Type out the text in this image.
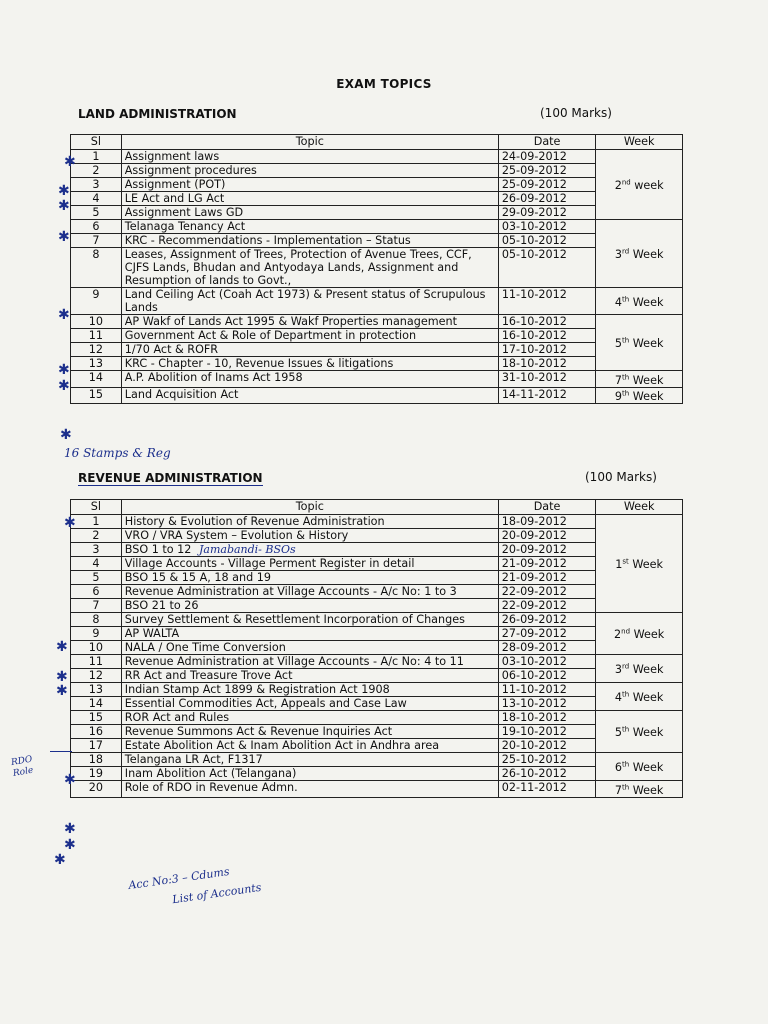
EXAM TOPICS
LAND ADMINISTRATION	(100 Marks)
Sl	Topic	Date	Week
1	Assignment laws	24-09-2012	2nd week
2	Assignment procedures	25-09-2012	
3	Assignment (POT)	25-09-2012	
4	LE Act and LG Act	26-09-2012	
5	Assignment Laws GD	29-09-2012	
6	Telanaga Tenancy Act	03-10-2012	3rd Week
7	KRC - Recommendations - Implementation – Status	05-10-2012	
8	Leases, Assignment of Trees, Protection of Avenue Trees, CCF, CJFS Lands, Bhudan and Antyodaya Lands, Assignment and Resumption of lands to Govt.,	05-10-2012	
9	Land Ceiling Act (Coah Act 1973) & Present status of Scrupulous Lands	11-10-2012	4th Week
10	AP Wakf of Lands Act 1995 & Wakf Properties management	16-10-2012	5th Week
11	Government Act & Role of Department in protection	16-10-2012	
12	1/70 Act & ROFR	17-10-2012	
13	KRC - Chapter - 10, Revenue Issues & litigations	18-10-2012	
14	A.P. Abolition of Inams Act 1958	31-10-2012	7th Week
15	Land Acquisition Act	14-11-2012	9th Week
✱
✱
✱
✱
✱
✱
✱
✱
16 Stamps & Reg
REVENUE ADMINISTRATION	(100 Marks)
Sl	Topic	Date	Week
1	History & Evolution of Revenue Administration	18-09-2012	1st Week
2	VRO / VRA System – Evolution & History	20-09-2012	
3	BSO 1 to 12 Jamabandi- BSOs	20-09-2012	
4	Village Accounts - Village Perment Register in detail	21-09-2012	
5	BSO 15 & 15 A, 18 and 19	21-09-2012	
6	Revenue Administration at Village Accounts - A/c No: 1 to 3	22-09-2012	
7	BSO 21 to 26	22-09-2012	
8	Survey Settlement & Resettlement Incorporation of Changes	26-09-2012	2nd Week
9	AP WALTA	27-09-2012	
10	NALA / One Time Conversion	28-09-2012	
11	Revenue Administration at Village Accounts - A/c No: 4 to 11	03-10-2012	3rd Week
12	RR Act and Treasure Trove Act	06-10-2012	
13	Indian Stamp Act 1899 & Registration Act 1908	11-10-2012	4th Week
14	Essential Commodities Act, Appeals and Case Law	13-10-2012	
15	ROR Act and Rules	18-10-2012	5th Week
16	Revenue Summons Act & Revenue Inquiries Act	19-10-2012	
17	Estate Abolition Act & Inam Abolition Act in Andhra area	20-10-2012	
18	Telangana LR Act, F1317	25-10-2012	6th Week
19	Inam Abolition Act (Telangana)	26-10-2012	
20	Role of RDO in Revenue Admn.	02-11-2012	7th Week
✱
✱
✱
✱
✱
✱
✱
✱
RDO Role
Acc No:3 – Cdums
List of Accounts
